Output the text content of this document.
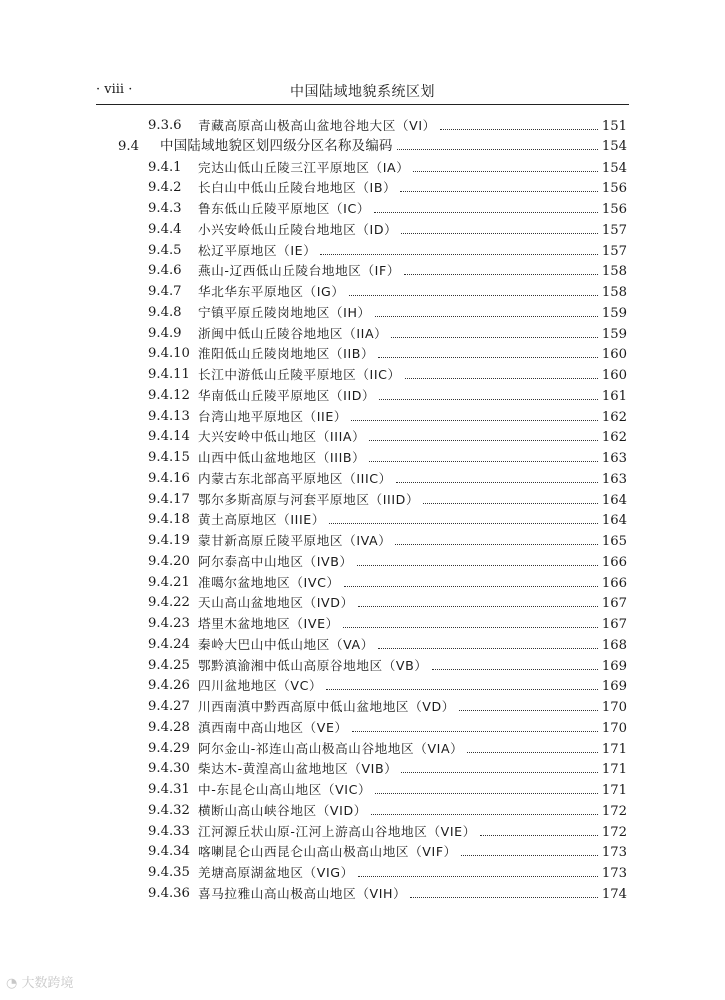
· viii ·	中国陆域地貌系统区划
9.3.6 青藏高原高山极高山盆地谷地大区（VI）	151
9.4 中国陆域地貌区划四级分区名称及编码	154
9.4.1 完达山低山丘陵三江平原地区（IA）	154
9.4.2 长白山中低山丘陵台地地区（IB）	156
9.4.3 鲁东低山丘陵平原地区（IC）	156
9.4.4 小兴安岭低山丘陵台地地区（ID）	157
9.4.5 松辽平原地区（IE）	157
9.4.6 燕山-辽西低山丘陵台地地区（IF）	158
9.4.7 华北华东平原地区（IG）	158
9.4.8 宁镇平原丘陵岗地地区（IH）	159
9.4.9 浙闽中低山丘陵谷地地区（IIA）	159
9.4.10 淮阳低山丘陵岗地地区（IIB）	160
9.4.11 长江中游低山丘陵平原地区（IIC）	160
9.4.12 华南低山丘陵平原地区（IID）	161
9.4.13 台湾山地平原地区（IIE）	162
9.4.14 大兴安岭中低山地区（IIIA）	162
9.4.15 山西中低山盆地地区（IIIB）	163
9.4.16 内蒙古东北部高平原地区（IIIC）	163
9.4.17 鄂尔多斯高原与河套平原地区（IIID）	164
9.4.18 黄土高原地区（IIIE）	164
9.4.19 蒙甘新高原丘陵平原地区（IVA）	165
9.4.20 阿尔泰高中山地区（IVB）	166
9.4.21 准噶尔盆地地区（IVC）	166
9.4.22 天山高山盆地地区（IVD）	167
9.4.23 塔里木盆地地区（IVE）	167
9.4.24 秦岭大巴山中低山地区（VA）	168
9.4.25 鄂黔滇渝湘中低山高原谷地地区（VB）	169
9.4.26 四川盆地地区（VC）	169
9.4.27 川西南滇中黔西高原中低山盆地地区（VD）	170
9.4.28 滇西南中高山地区（VE）	170
9.4.29 阿尔金山-祁连山高山极高山谷地地区（VIA）	171
9.4.30 柴达木-黄湟高山盆地地区（VIB）	171
9.4.31 中-东昆仑山高山地区（VIC）	171
9.4.32 横断山高山峡谷地区（VID）	172
9.4.33 江河源丘状山原-江河上游高山谷地地区（VIE）	172
9.4.34 喀喇昆仑山西昆仑山高山极高山地区（VIF）	173
9.4.35 羌塘高原湖盆地区（VIG）	173
9.4.36 喜马拉雅山高山极高山地区（VIH）	174
◔ 大数跨境
